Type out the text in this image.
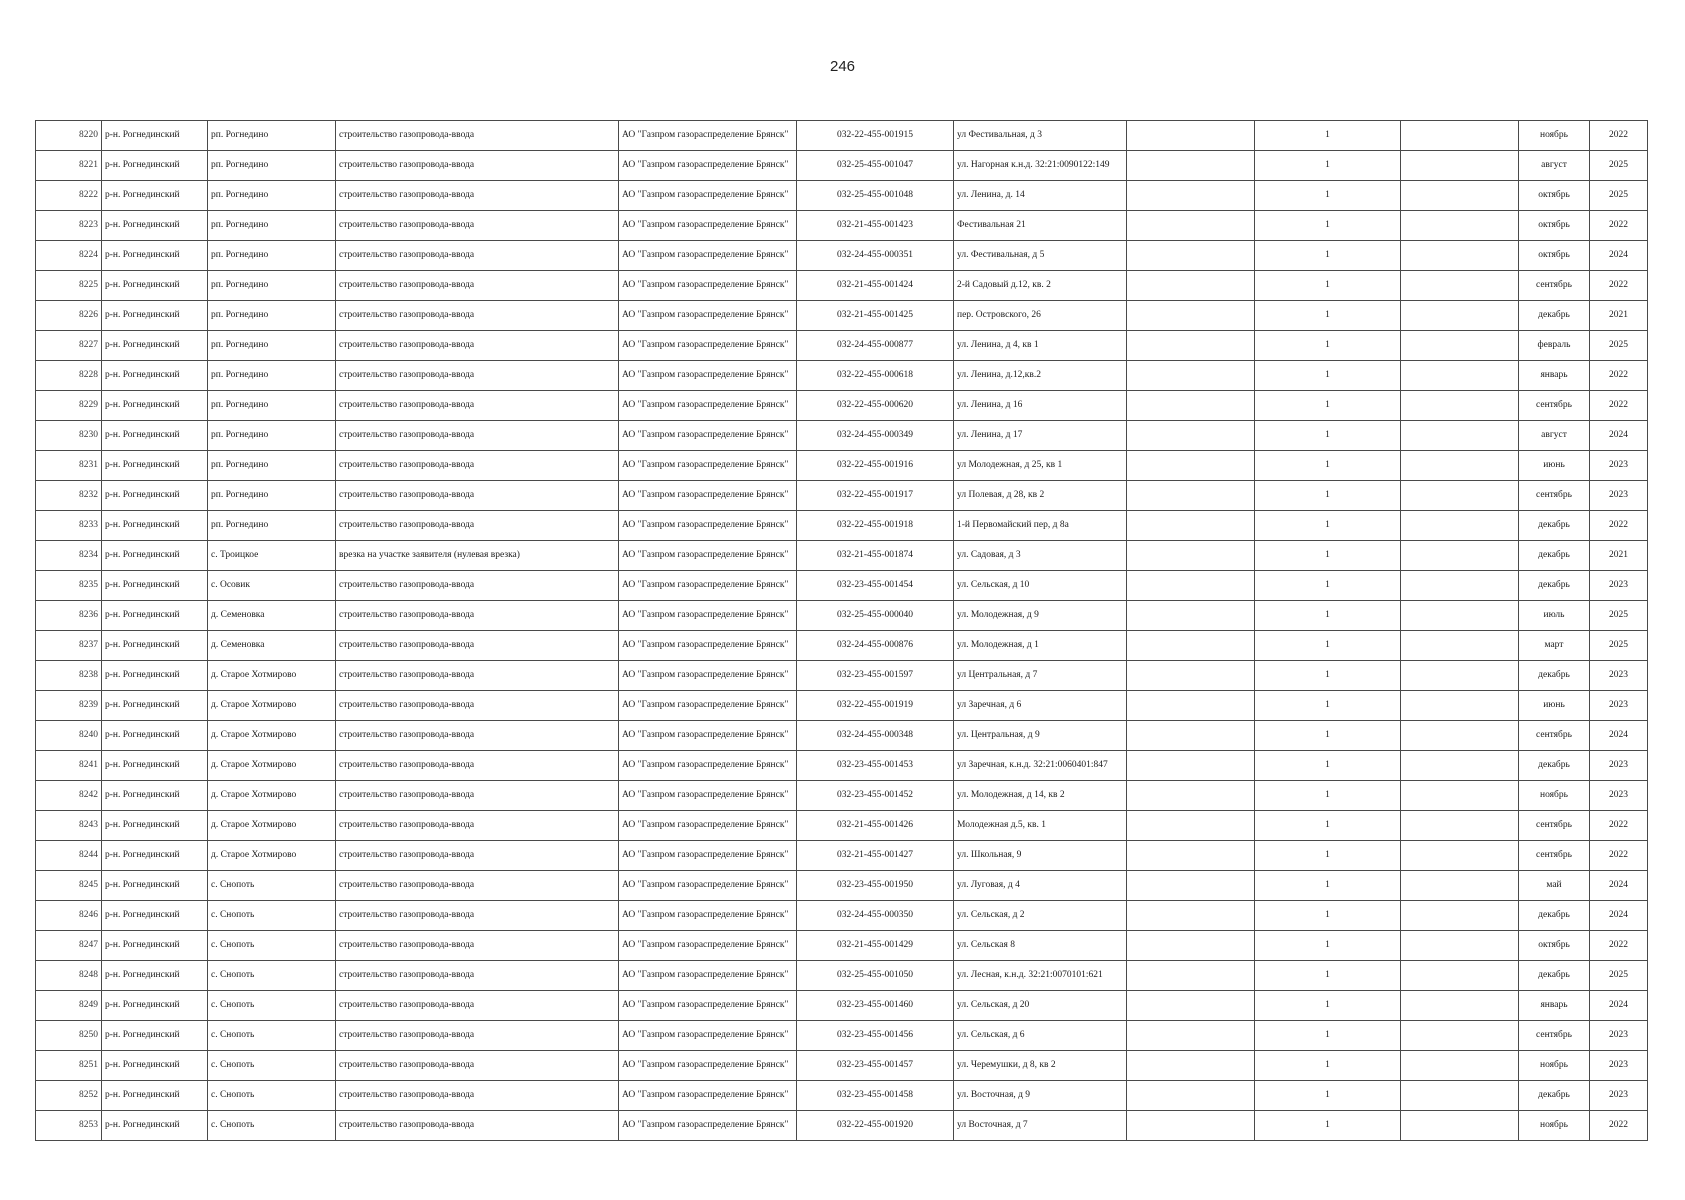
246
8220	р-н. Рогнединский	рп. Рогнедино	строительство газопровода-ввода	АО "Газпром газораспределение Брянск"	032-22-455-001915	ул Фестивальная, д 3		1		ноябрь	2022
8221	р-н. Рогнединский	рп. Рогнедино	строительство газопровода-ввода	АО "Газпром газораспределение Брянск"	032-25-455-001047	ул. Нагорная к.н.д. 32:21:0090122:149		1		август	2025
8222	р-н. Рогнединский	рп. Рогнедино	строительство газопровода-ввода	АО "Газпром газораспределение Брянск"	032-25-455-001048	ул. Ленина, д. 14		1		октябрь	2025
8223	р-н. Рогнединский	рп. Рогнедино	строительство газопровода-ввода	АО "Газпром газораспределение Брянск"	032-21-455-001423	Фестивальная 21		1		октябрь	2022
8224	р-н. Рогнединский	рп. Рогнедино	строительство газопровода-ввода	АО "Газпром газораспределение Брянск"	032-24-455-000351	ул. Фестивальная, д 5		1		октябрь	2024
8225	р-н. Рогнединский	рп. Рогнедино	строительство газопровода-ввода	АО "Газпром газораспределение Брянск"	032-21-455-001424	2-й Садовый д.12, кв. 2		1		сентябрь	2022
8226	р-н. Рогнединский	рп. Рогнедино	строительство газопровода-ввода	АО "Газпром газораспределение Брянск"	032-21-455-001425	пер. Островского, 26		1		декабрь	2021
8227	р-н. Рогнединский	рп. Рогнедино	строительство газопровода-ввода	АО "Газпром газораспределение Брянск"	032-24-455-000877	ул. Ленина, д 4, кв 1		1		февраль	2025
8228	р-н. Рогнединский	рп. Рогнедино	строительство газопровода-ввода	АО "Газпром газораспределение Брянск"	032-22-455-000618	ул. Ленина, д.12,кв.2		1		январь	2022
8229	р-н. Рогнединский	рп. Рогнедино	строительство газопровода-ввода	АО "Газпром газораспределение Брянск"	032-22-455-000620	ул. Ленина, д 16		1		сентябрь	2022
8230	р-н. Рогнединский	рп. Рогнедино	строительство газопровода-ввода	АО "Газпром газораспределение Брянск"	032-24-455-000349	ул. Ленина, д 17		1		август	2024
8231	р-н. Рогнединский	рп. Рогнедино	строительство газопровода-ввода	АО "Газпром газораспределение Брянск"	032-22-455-001916	ул Молодежная, д 25, кв 1		1		июнь	2023
8232	р-н. Рогнединский	рп. Рогнедино	строительство газопровода-ввода	АО "Газпром газораспределение Брянск"	032-22-455-001917	ул Полевая, д 28, кв 2		1		сентябрь	2023
8233	р-н. Рогнединский	рп. Рогнедино	строительство газопровода-ввода	АО "Газпром газораспределение Брянск"	032-22-455-001918	1-й Первомайский пер, д 8а		1		декабрь	2022
8234	р-н. Рогнединский	с. Троицкое	врезка на участке заявителя (нулевая врезка)	АО "Газпром газораспределение Брянск"	032-21-455-001874	ул. Садовая, д 3		1		декабрь	2021
8235	р-н. Рогнединский	с. Осовик	строительство газопровода-ввода	АО "Газпром газораспределение Брянск"	032-23-455-001454	ул. Сельская, д 10		1		декабрь	2023
8236	р-н. Рогнединский	д. Семеновка	строительство газопровода-ввода	АО "Газпром газораспределение Брянск"	032-25-455-000040	ул. Молодежная, д 9		1		июль	2025
8237	р-н. Рогнединский	д. Семеновка	строительство газопровода-ввода	АО "Газпром газораспределение Брянск"	032-24-455-000876	ул. Молодежная, д 1		1		март	2025
8238	р-н. Рогнединский	д. Старое Хотмирово	строительство газопровода-ввода	АО "Газпром газораспределение Брянск"	032-23-455-001597	ул Центральная, д 7		1		декабрь	2023
8239	р-н. Рогнединский	д. Старое Хотмирово	строительство газопровода-ввода	АО "Газпром газораспределение Брянск"	032-22-455-001919	ул Заречная, д 6		1		июнь	2023
8240	р-н. Рогнединский	д. Старое Хотмирово	строительство газопровода-ввода	АО "Газпром газораспределение Брянск"	032-24-455-000348	ул. Центральная, д 9		1		сентябрь	2024
8241	р-н. Рогнединский	д. Старое Хотмирово	строительство газопровода-ввода	АО "Газпром газораспределение Брянск"	032-23-455-001453	ул Заречная, к.н.д. 32:21:0060401:847		1		декабрь	2023
8242	р-н. Рогнединский	д. Старое Хотмирово	строительство газопровода-ввода	АО "Газпром газораспределение Брянск"	032-23-455-001452	ул. Молодежная, д 14, кв 2		1		ноябрь	2023
8243	р-н. Рогнединский	д. Старое Хотмирово	строительство газопровода-ввода	АО "Газпром газораспределение Брянск"	032-21-455-001426	Молодежная д.5, кв. 1		1		сентябрь	2022
8244	р-н. Рогнединский	д. Старое Хотмирово	строительство газопровода-ввода	АО "Газпром газораспределение Брянск"	032-21-455-001427	ул. Школьная, 9		1		сентябрь	2022
8245	р-н. Рогнединский	с. Снопоть	строительство газопровода-ввода	АО "Газпром газораспределение Брянск"	032-23-455-001950	ул. Луговая, д 4		1		май	2024
8246	р-н. Рогнединский	с. Снопоть	строительство газопровода-ввода	АО "Газпром газораспределение Брянск"	032-24-455-000350	ул. Сельская, д 2		1		декабрь	2024
8247	р-н. Рогнединский	с. Снопоть	строительство газопровода-ввода	АО "Газпром газораспределение Брянск"	032-21-455-001429	ул. Сельская 8		1		октябрь	2022
8248	р-н. Рогнединский	с. Снопоть	строительство газопровода-ввода	АО "Газпром газораспределение Брянск"	032-25-455-001050	ул. Лесная, к.н.д. 32:21:0070101:621		1		декабрь	2025
8249	р-н. Рогнединский	с. Снопоть	строительство газопровода-ввода	АО "Газпром газораспределение Брянск"	032-23-455-001460	ул. Сельская, д 20		1		январь	2024
8250	р-н. Рогнединский	с. Снопоть	строительство газопровода-ввода	АО "Газпром газораспределение Брянск"	032-23-455-001456	ул. Сельская, д 6		1		сентябрь	2023
8251	р-н. Рогнединский	с. Снопоть	строительство газопровода-ввода	АО "Газпром газораспределение Брянск"	032-23-455-001457	ул. Черемушки, д 8, кв 2		1		ноябрь	2023
8252	р-н. Рогнединский	с. Снопоть	строительство газопровода-ввода	АО "Газпром газораспределение Брянск"	032-23-455-001458	ул. Восточная, д 9		1		декабрь	2023
8253	р-н. Рогнединский	с. Снопоть	строительство газопровода-ввода	АО "Газпром газораспределение Брянск"	032-22-455-001920	ул Восточная, д 7		1		ноябрь	2022
